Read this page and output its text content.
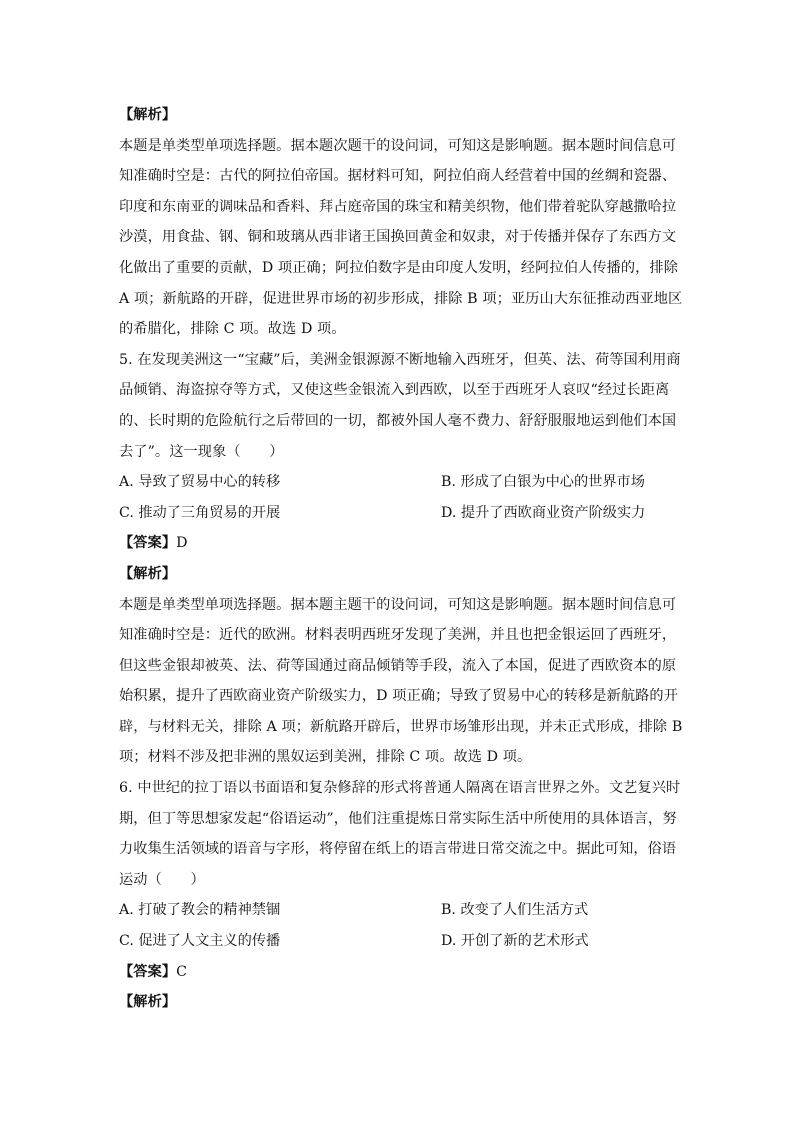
【解析】
本题是单类型单项选择题。据本题次题干的设问词，可知这是影响题。据本题时间信息可
知准确时空是：古代的阿拉伯帝国。据材料可知，阿拉伯商人经营着中国的丝绸和瓷器、
印度和东南亚的调味品和香料、拜占庭帝国的珠宝和精美织物，他们带着驼队穿越撒哈拉
沙漠，用食盐、钢、铜和玻璃从西非诸王国换回黄金和奴隶，对于传播并保存了东西方文
化做出了重要的贡献，D 项正确；阿拉伯数字是由印度人发明，经阿拉伯人传播的，排除
A 项；新航路的开辟，促进世界市场的初步形成，排除 B 项；亚历山大东征推动西亚地区
的希腊化，排除 C 项。故选 D 项。
5. 在发现美洲这一“宝藏”后，美洲金银源源不断地输入西班牙，但英、法、荷等国利用商
品倾销、海盗掠夺等方式，又使这些金银流入到西欧，以至于西班牙人哀叹“经过长距离
的、长时期的危险航行之后带回的一切，都被外国人毫不费力、舒舒服服地运到他们本国
去了”。这一现象（　　）
A. 导致了贸易中心的转移	B. 形成了白银为中心的世界市场
C. 推动了三角贸易的开展	D. 提升了西欧商业资产阶级实力
【答案】D
【解析】
本题是单类型单项选择题。据本题主题干的设问词，可知这是影响题。据本题时间信息可
知准确时空是：近代的欧洲。材料表明西班牙发现了美洲，并且也把金银运回了西班牙，
但这些金银却被英、法、荷等国通过商品倾销等手段，流入了本国，促进了西欧资本的原
始积累，提升了西欧商业资产阶级实力，D 项正确；导致了贸易中心的转移是新航路的开
辟，与材料无关，排除 A 项；新航路开辟后，世界市场雏形出现，并未正式形成，排除 B
项；材料不涉及把非洲的黑奴运到美洲，排除 C 项。故选 D 项。
6. 中世纪的拉丁语以书面语和复杂修辞的形式将普通人隔离在语言世界之外。文艺复兴时
期，但丁等思想家发起“俗语运动”，他们注重提炼日常实际生活中所使用的具体语言，努
力收集生活领域的语音与字形，将停留在纸上的语言带进日常交流之中。据此可知，俗语
运动（　　）
A. 打破了教会的精神禁锢	B. 改变了人们生活方式
C. 促进了人文主义的传播	D. 开创了新的艺术形式
【答案】C
【解析】
